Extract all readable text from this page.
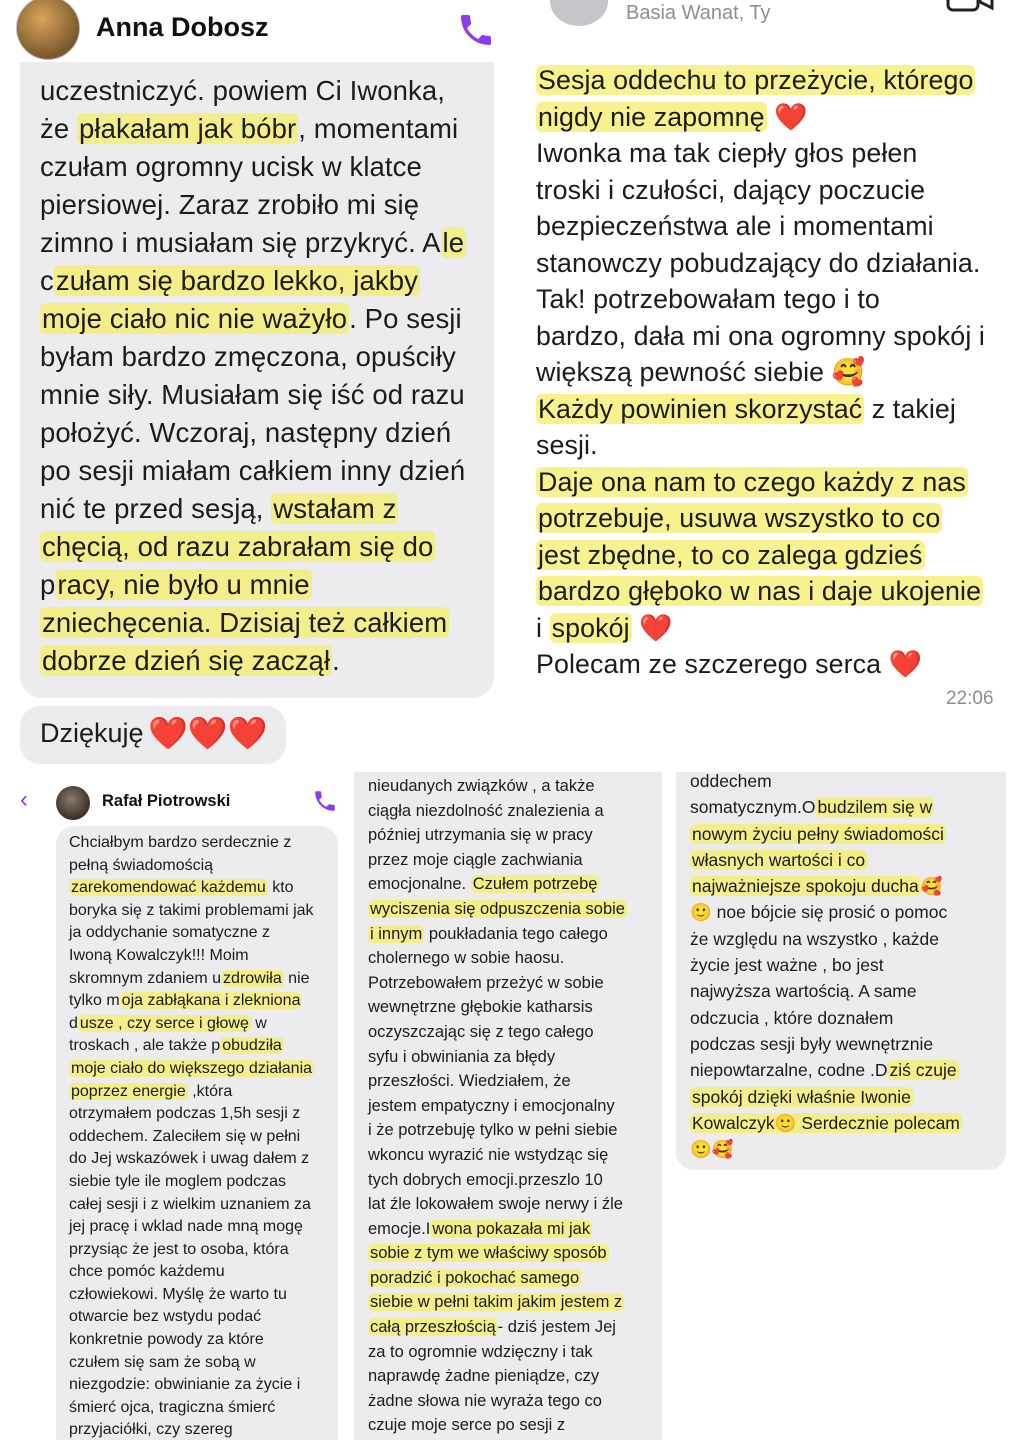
uczestniczyć. powiem Ci Iwonka,
że płakałam jak bóbr, momentami
czułam ogromny ucisk w klatce
piersiowej. Zaraz zrobiło mi się
zimno i musiałam się przykryć. Ale
czułam się bardzo lekko, jakby
moje ciało nic nie ważyło. Po sesji
byłam bardzo zmęczona, opuściły
mnie siły. Musiałam się iść od razu
położyć. Wczoraj, następny dzień
po sesji miałam całkiem inny dzień
nić te przed sesją, wstałam z
chęcią, od razu zabrałam się do
pracy, nie było u mnie
zniechęcenia. Dzisiaj też całkiem
dobrze dzień się zaczął.
Anna Dobosz
Dziękuję ❤️❤️❤️
Basia Wanat, Ty
Sesja oddechu to przeżycie, którego
nigdy nie zapomnę ❤️
Iwonka ma tak ciepły głos pełen
troski i czułości, dający poczucie
bezpieczeństwa ale i momentami
stanowczy pobudzający do działania.
Tak! potrzebowałam tego i to
bardzo, dała mi ona ogromny spokój i
większą pewność siebie 🥰
Każdy powinien skorzystać z takiej
sesji.
Daje ona nam to czego każdy z nas
potrzebuje, usuwa wszystko to co
jest zbędne, to co zalega gdzieś
bardzo głęboko w nas i daje ukojenie
i spokój ❤️
Polecam ze szczerego serca ❤️
22:06
‹	Rafał Piotrowski
Chciałbym bardzo serdecznie z
pełną świadomością
zarekomendować każdemu kto
boryka się z takimi problemami jak
ja oddychanie somatyczne z
Iwoną Kowalczyk!!! Moim
skromnym zdaniem u zdrowiła nie
tylko m oja zabłąkana i zlekniona
d usze , czy serce i głowę w
troskach , ale także p obudziła
moje ciało do większego działania
poprzez energie ,która
otrzymałem podczas 1,5h sesji z
oddechem. Zaleciłem się w pełni
do Jej wskazówek i uwag dałem z
siebie tyle ile moglem podczas
całej sesji i z wielkim uznaniem za
jej pracę i wklad nade mną mogę
przysiąc że jest to osoba, która
chce pomóc każdemu
człowiekowi. Myślę że warto tu
otwarcie bez wstydu podać
konkretnie powody za które
czułem się sam że sobą w
niezgodzie: obwinianie za życie i
śmierć ojca, tragiczna śmierć
przyjaciółki, czy szereg
nieudanych związków , a także
ciągła niezdolność znalezienia a
później utrzymania się w pracy
przez moje ciągle zachwiania
emocjonalne. Czułem potrzebę
wyciszenia się odpuszczenia sobie
i innym poukładania tego całego
cholernego w sobie haosu.
Potrzebowałem przeżyć w sobie
wewnętrzne głębokie katharsis
oczyszczając się z tego całego
syfu i obwiniania za błędy
przeszłości. Wiedziałem, że
jestem empatyczny i emocjonalny
i że potrzebuję tylko w pełni siebie
wkoncu wyrazić nie wstydząc się
tych dobrych emocji.przeszlo 10
lat źle lokowałem swoje nerwy i źle
emocje.I wona pokazała mi jak
sobie z tym we właściwy sposób
poradzić i pokochać samego
siebie w pełni takim jakim jestem z
całą przeszłością - dziś jestem Jej
za to ogromnie wdzięczny i tak
naprawdę żadne pieniądze, czy
żadne słowa nie wyraża tego co
czuje moje serce po sesji z
oddechem
somatycznym.O budzilem się w
nowym życiu pełny świadomości
własnych wartości i co
najważniejsze spokoju ducha 🥰
🙂 noe bójcie się prosić o pomoc
że względu na wszystko , każde
życie jest ważne , bo jest
najwyższa wartością. A same
odczucia , które doznałem
podczas sesji były wewnętrznie
niepowtarzalne, codne .D ziś czuje
spokój dzięki właśnie Iwonie
Kowalczyk🙂 Serdecznie polecam
🙂🥰
